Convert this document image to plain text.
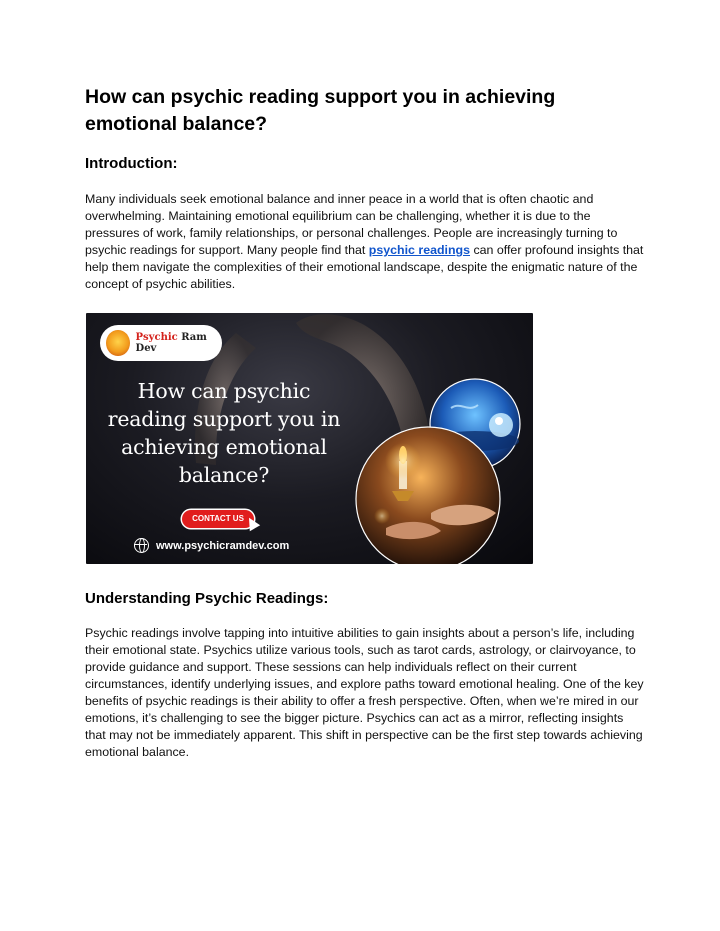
How can psychic reading support you in achieving emotional balance?
Introduction:

Many individuals seek emotional balance and inner peace in a world that is often chaotic and overwhelming. Maintaining emotional equilibrium can be challenging, whether it is due to the pressures of work, family relationships, or personal challenges. People are increasingly turning to psychic readings for support. Many people find that psychic readings can offer profound insights that help them navigate the complexities of their emotional landscape, despite the enigmatic nature of the concept of psychic abilities.

Psychic Ram Dev
How can psychic reading support you in achieving emotional balance?
CONTACT US
www.psychicramdev.com
Understanding Psychic Readings:

Psychic readings involve tapping into intuitive abilities to gain insights about a person’s life, including their emotional state. Psychics utilize various tools, such as tarot cards, astrology, or clairvoyance, to provide guidance and support. These sessions can help individuals reflect on their current circumstances, identify underlying issues, and explore paths toward emotional healing. One of the key benefits of psychic readings is their ability to offer a fresh perspective. Often, when we’re mired in our emotions, it’s challenging to see the bigger picture. Psychics can act as a mirror, reflecting insights that may not be immediately apparent. This shift in perspective can be the first step towards achieving emotional balance.
